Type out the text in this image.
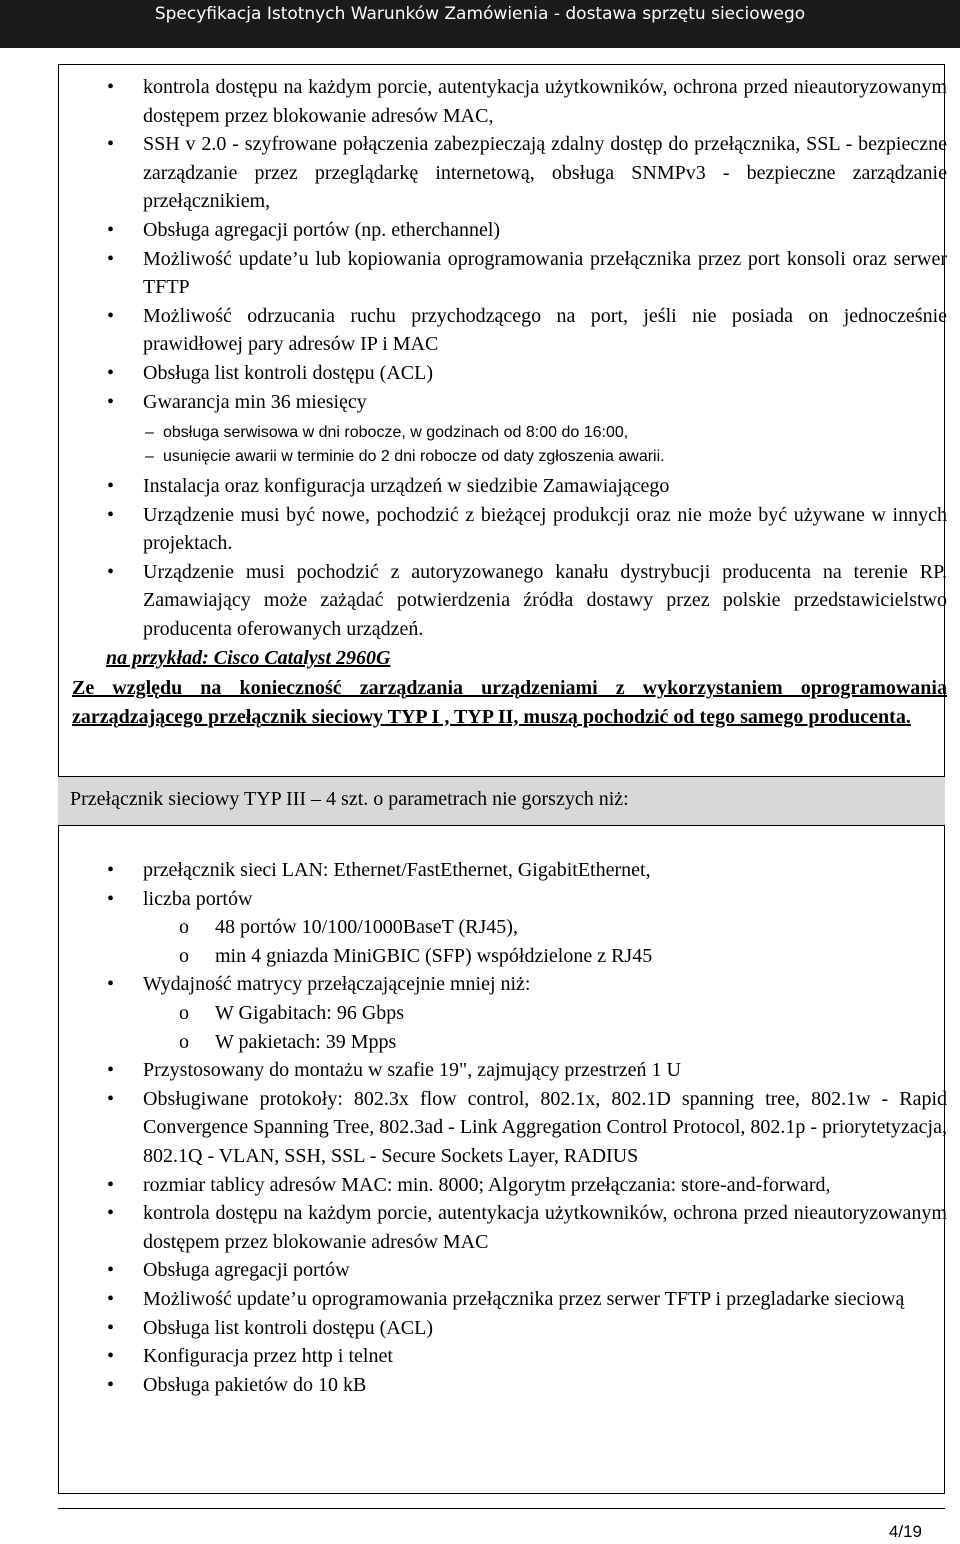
Specyfikacja Istotnych Warunków Zamówienia - dostawa sprzętu sieciowego
• kontrola dostępu na każdym porcie, autentykacja użytkowników, ochrona przed nieautoryzowanym dostępem przez blokowanie adresów MAC,
• SSH v 2.0 - szyfrowane połączenia zabezpieczają zdalny dostęp do przełącznika, SSL - bezpieczne zarządzanie przez przeglądarkę internetową, obsługa SNMPv3 - bezpieczne zarządzanie przełącznikiem,
• Obsługa agregacji portów (np. etherchannel)
• Możliwość update’u lub kopiowania oprogramowania przełącznika przez port konsoli oraz serwer TFTP
• Możliwość odrzucania ruchu przychodzącego na port, jeśli nie posiada on jednocześnie prawidłowej pary adresów IP i MAC
• Obsługa list kontroli dostępu (ACL)
• Gwarancja min 36 miesięcy
– obsługa serwisowa w dni robocze, w godzinach od 8:00 do 16:00,
– usunięcie awarii w terminie do 2 dni robocze od daty zgłoszenia awarii.
• Instalacja oraz konfiguracja urządzeń w siedzibie Zamawiającego
• Urządzenie musi być nowe, pochodzić z bieżącej produkcji oraz nie może być używane w innych projektach.
• Urządzenie musi pochodzić z autoryzowanego kanału dystrybucji producenta na terenie RP. Zamawiający może zażądać potwierdzenia źródła dostawy przez polskie przedstawicielstwo producenta oferowanych urządzeń.
na przykład: Cisco Catalyst 2960G
Ze względu na konieczność zarządzania urządzeniami z wykorzystaniem oprogramowania zarządzającego przełącznik sieciowy TYP I , TYP II, muszą pochodzić od tego samego producenta.
Przełącznik sieciowy TYP III – 4 szt. o parametrach nie gorszych niż:
• przełącznik sieci LAN: Ethernet/FastEthernet, GigabitEthernet,
• liczba portów
o 48 portów 10/100/1000BaseT (RJ45),
o min 4 gniazda MiniGBIC (SFP) współdzielone z RJ45
• Wydajność matrycy przełączającejnie mniej niż:
o W Gigabitach: 96 Gbps
o W pakietach: 39 Mpps
• Przystosowany do montażu w szafie 19", zajmujący przestrzeń 1 U
• Obsługiwane protokoły: 802.3x flow control, 802.1x, 802.1D spanning tree, 802.1w - Rapid Convergence Spanning Tree, 802.3ad - Link Aggregation Control Protocol, 802.1p - priorytetyzacja, 802.1Q - VLAN, SSH, SSL - Secure Sockets Layer, RADIUS
• rozmiar tablicy adresów MAC: min. 8000; Algorytm przełączania: store-and-forward,
• kontrola dostępu na każdym porcie, autentykacja użytkowników, ochrona przed nieautoryzowanym dostępem przez blokowanie adresów MAC
• Obsługa agregacji portów
• Możliwość update’u oprogramowania przełącznika przez serwer TFTP i przegladarke sieciową
• Obsługa list kontroli dostępu (ACL)
• Konfiguracja przez http i telnet
• Obsługa pakietów do 10 kB
4/19
